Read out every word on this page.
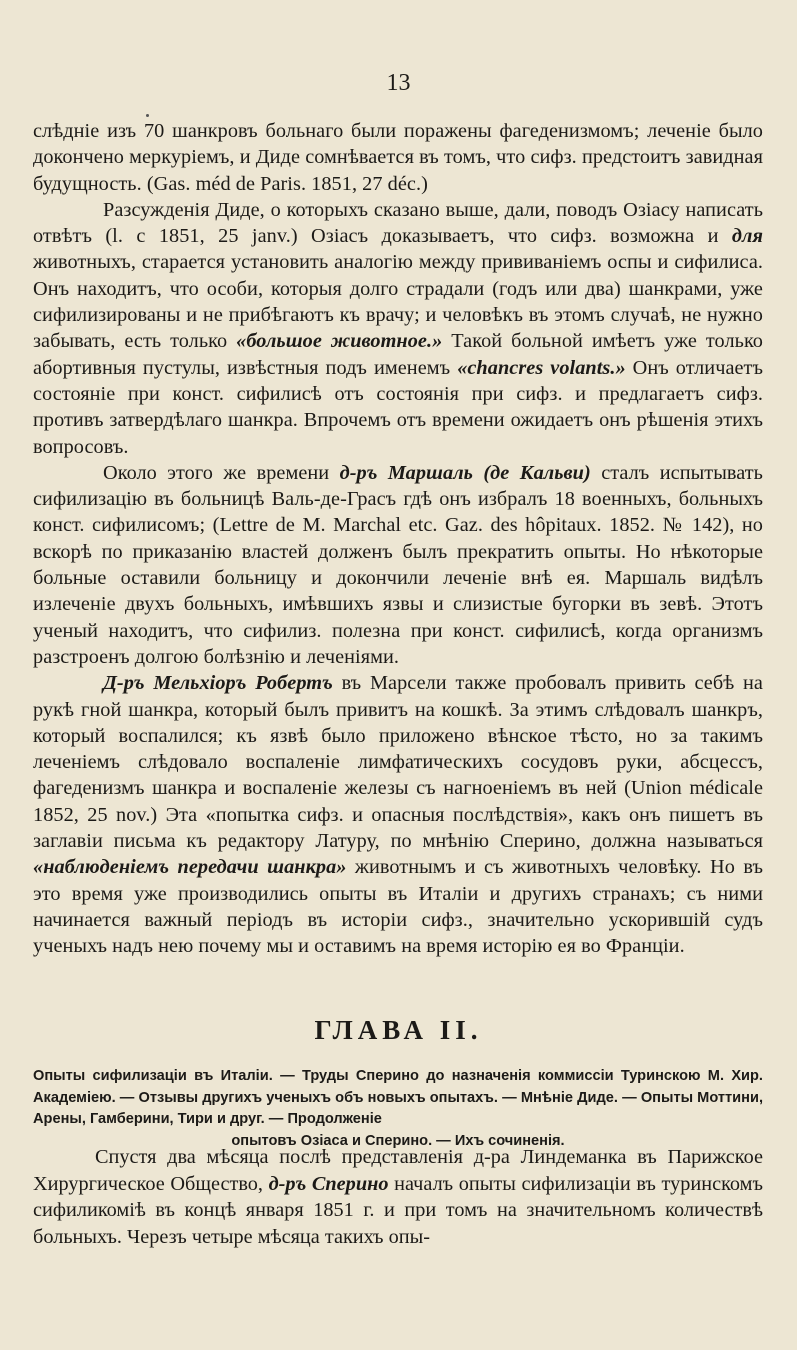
13

слѣдніе изъ 70 шанкровъ больнаго были поражены фагеденизмомъ; леченіе было докончено меркуріемъ, и Диде сомнѣвается въ томъ, что сифз. предстоитъ завидная будущность. (Gas. méd de Paris. 1851, 27 déc.)

Разсужденія Диде, о которыхъ сказано выше, дали, поводъ Озіасу написать отвѣтъ (l. c 1851, 25 janv.) Озіасъ доказываетъ, что сифз. возможна и для животныхъ, старается установить аналогію между прививаніемъ оспы и сифилиса. Онъ находитъ, что особи, которыя долго страдали (годъ или два) шанкрами, уже сифилизированы и не прибѣгаютъ къ врачу; и человѣкъ въ этомъ случаѣ, не нужно забывать, есть только «большое животное.» Такой больной имѣетъ уже только абортивныя пустулы, извѣстныя подъ именемъ «chancres volants.» Онъ отличаетъ состояніе при конст. сифилисѣ отъ состоянія при сифз. и предлагаетъ сифз. противъ затвердѣлаго шанкра. Впрочемъ отъ времени ожидаетъ онъ рѣшенія этихъ вопросовъ.

Около этого же времени д-ръ Маршаль (де Кальви) сталъ испытывать сифилизацію въ больницѣ Валь-де-Грасъ гдѣ онъ избралъ 18 военныхъ, больныхъ конст. сифилисомъ; (Lettre de M. Marchal etc. Gaz. des hôpitaux. 1852. № 142), но вскорѣ по приказанію властей долженъ былъ прекратить опыты. Но нѣкоторые больные оставили больницу и докончили леченіе внѣ ея. Маршаль видѣлъ излеченіе двухъ больныхъ, имѣвшихъ язвы и слизистые бугорки въ зевѣ. Этотъ ученый находитъ, что сифилиз. полезна при конст. сифилисѣ, когда организмъ разстроенъ долгою болѣзнію и леченіями.

Д-ръ Мельхіоръ Робертъ въ Марсели также пробовалъ привить себѣ на рукѣ гной шанкра, который былъ привитъ на кошкѣ. За этимъ слѣдовалъ шанкръ, который воспалился; къ язвѣ было приложено вѣнское тѣсто, но за такимъ леченіемъ слѣдовало воспаленіе лимфатическихъ сосудовъ руки, абсцессъ, фагеденизмъ шанкра и воспаленіе железы съ нагноеніемъ въ ней (Union médicale 1852, 25 nov.) Эта «попытка сифз. и опасныя послѣдствія», какъ онъ пишетъ въ заглавіи письма къ редактору Латуру, по мнѣнію Сперино, должна называться «наблюденіемъ передачи шанкра» животнымъ и съ животныхъ человѣку. Но въ это время уже производились опыты въ Италіи и другихъ странахъ; съ ними начинается важный періодъ въ исторіи сифз., значительно ускорившій судъ ученыхъ надъ нею почему мы и оставимъ на время исторію ея во Франціи.

ГЛАВА II.
Опыты сифилизаціи въ Италіи. — Труды Сперино до назначенія коммиссіи Туринскою М. Хир. Академіею. — Отзывы другихъ ученыхъ объ новыхъ опытахъ. — Мнѣніе Диде. — Опыты Моттини, Арены, Гамберини, Тири и друг. — Продолженіе
опытовъ Озіаса и Сперино. — Ихъ сочиненія.

Спустя два мѣсяца послѣ представленія д-ра Линдеманка въ Парижское Хирургическое Общество, д-ръ Сперино началъ опыты сифилизаціи въ туринскомъ сифиликоміѣ въ концѣ января 1851 г. и при томъ на значительномъ количествѣ больныхъ. Черезъ четыре мѣсяца такихъ опы-
